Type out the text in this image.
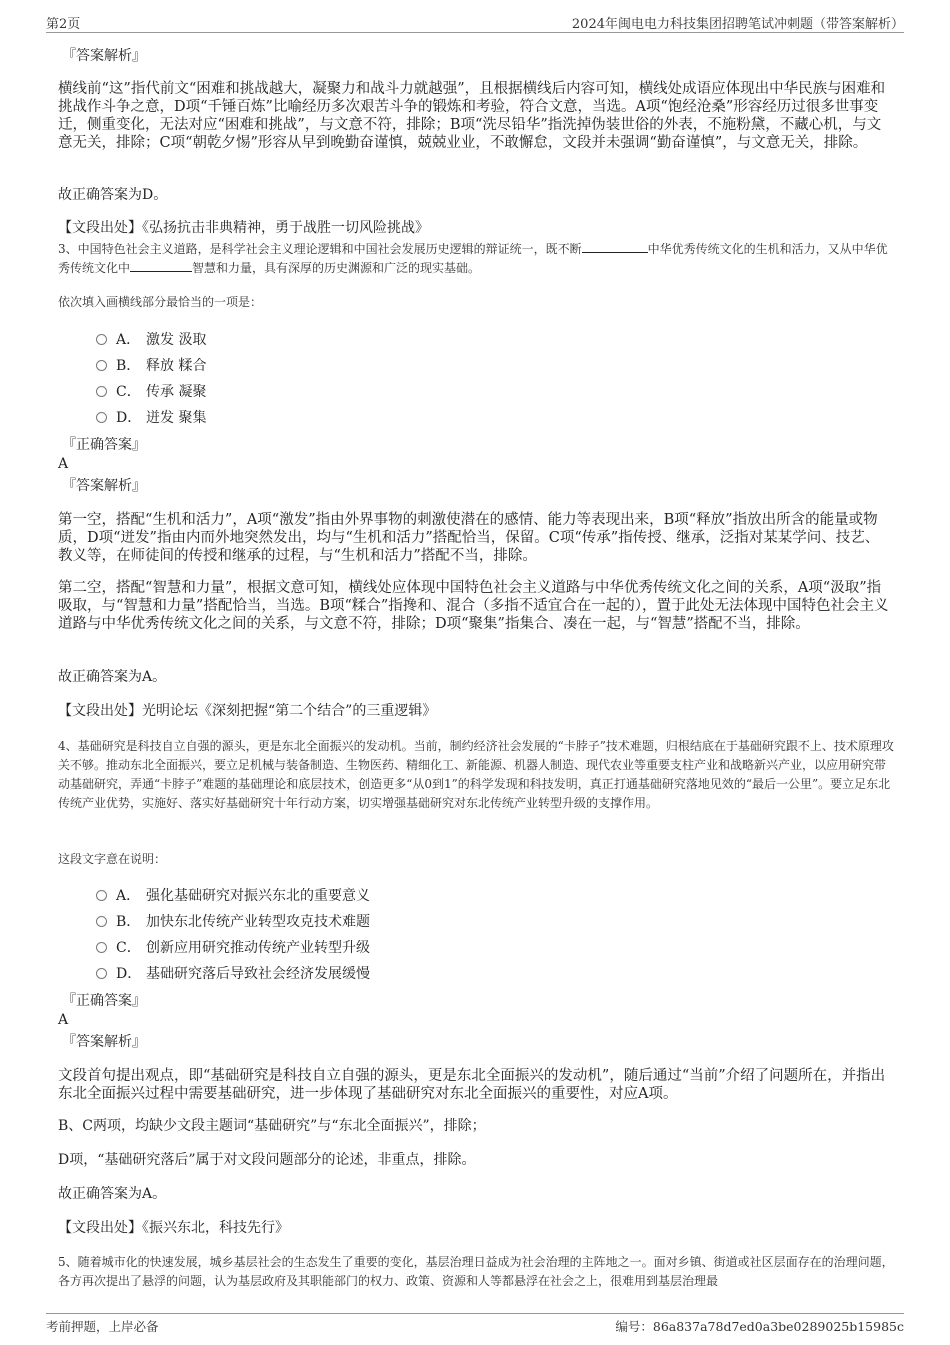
第2页	2024年闽电电力科技集团招聘笔试冲刺题（带答案解析）
『答案解析』
横线前“这”指代前文“困难和挑战越大，凝聚力和战斗力就越强”，且根据横线后内容可知，横线处成语应体现出中华民族与困难和挑战作斗争之意，D项“千锤百炼”比喻经历多次艰苦斗争的锻炼和考验，符合文意，当选。A项“饱经沧桑”形容经历过很多世事变迁，侧重变化，无法对应“困难和挑战”，与文意不符，排除；B项“洗尽铅华”指洗掉伪装世俗的外表，不施粉黛，不藏心机，与文意无关，排除；C项“朝乾夕惕”形容从早到晚勤奋谨慎，兢兢业业，不敢懈怠，文段并未强调“勤奋谨慎”，与文意无关，排除。
故正确答案为D。
【文段出处】《弘扬抗击非典精神，勇于战胜一切风险挑战》
3、中国特色社会主义道路，是科学社会主义理论逻辑和中国社会发展历史逻辑的辩证统一，既不断	中华优秀传统文化的生机和活力，又从中华优秀传统文化中	智慧和力量，具有深厚的历史渊源和广泛的现实基础。
依次填入画横线部分最恰当的一项是：
A． 激发 汲取
B． 释放 糅合
C． 传承 凝聚
D． 迸发 聚集
『正确答案』
A
『答案解析』
第一空，搭配“生机和活力”，A项“激发”指由外界事物的刺激使潜在的感情、能力等表现出来，B项“释放”指放出所含的能量或物质，D项“迸发”指由内而外地突然发出，均与“生机和活力”搭配恰当，保留。C项“传承”指传授、继承，泛指对某某学问、技艺、教义等，在师徒间的传授和继承的过程，与“生机和活力”搭配不当，排除。
第二空，搭配“智慧和力量”，根据文意可知，横线处应体现中国特色社会主义道路与中华优秀传统文化之间的关系，A项“汲取”指吸取，与“智慧和力量”搭配恰当，当选。B项“糅合”指搀和、混合（多指不适宜合在一起的），置于此处无法体现中国特色社会主义道路与中华优秀传统文化之间的关系，与文意不符，排除；D项“聚集”指集合、凑在一起，与“智慧”搭配不当，排除。
故正确答案为A。
【文段出处】光明论坛《深刻把握“第二个结合”的三重逻辑》
4、基础研究是科技自立自强的源头，更是东北全面振兴的发动机。当前，制约经济社会发展的“卡脖子”技术难题，归根结底在于基础研究跟不上、技术原理攻关不够。推动东北全面振兴，要立足机械与装备制造、生物医药、精细化工、新能源、机器人制造、现代农业等重要支柱产业和战略新兴产业，以应用研究带动基础研究，弄通“卡脖子”难题的基础理论和底层技术，创造更多“从0到1”的科学发现和科技发明，真正打通基础研究落地见效的“最后一公里”。要立足东北传统产业优势，实施好、落实好基础研究十年行动方案，切实增强基础研究对东北传统产业转型升级的支撑作用。
这段文字意在说明：
A． 强化基础研究对振兴东北的重要意义
B． 加快东北传统产业转型攻克技术难题
C． 创新应用研究推动传统产业转型升级
D． 基础研究落后导致社会经济发展缓慢
『正确答案』
A
『答案解析』
文段首句提出观点，即“基础研究是科技自立自强的源头，更是东北全面振兴的发动机”，随后通过“当前”介绍了问题所在，并指出东北全面振兴过程中需要基础研究，进一步体现了基础研究对东北全面振兴的重要性，对应A项。
B、C两项，均缺少文段主题词“基础研究”与“东北全面振兴”，排除；
D项，“基础研究落后”属于对文段问题部分的论述，非重点，排除。
故正确答案为A。
【文段出处】《振兴东北，科技先行》
5、随着城市化的快速发展，城乡基层社会的生态发生了重要的变化，基层治理日益成为社会治理的主阵地之一。面对乡镇、街道或社区层面存在的治理问题，各方再次提出了悬浮的问题，认为基层政府及其职能部门的权力、政策、资源和人等都悬浮在社会之上，很难用到基层治理最
考前押题，上岸必备	编号：86a837a78d7ed0a3be0289025b15985c
